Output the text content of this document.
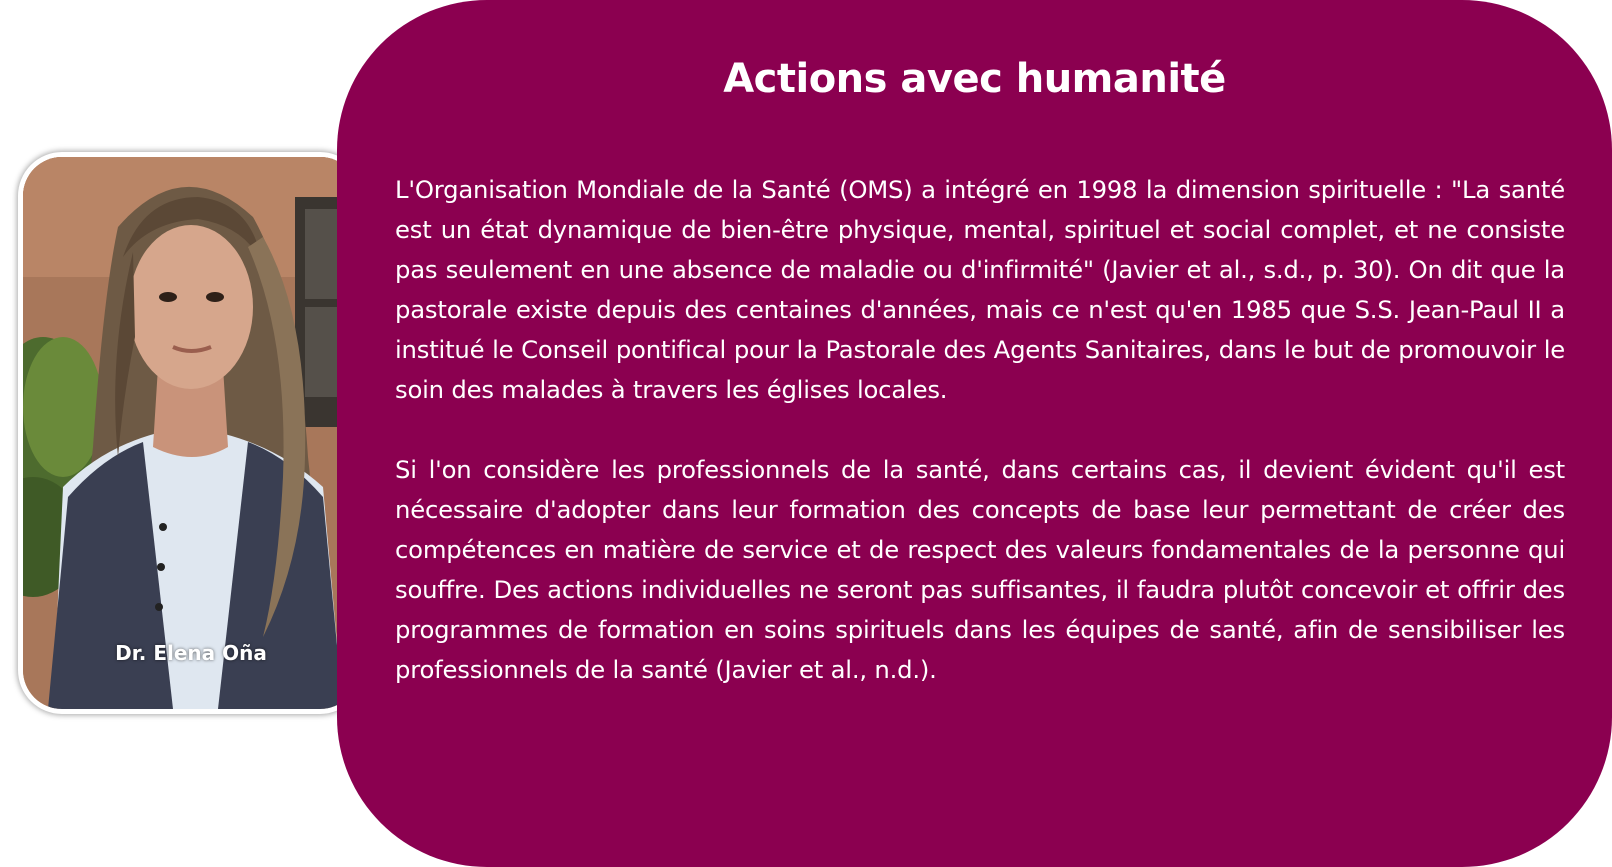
Dr. Elena Oña
Actions avec humanité

L'Organisation Mondiale de la Santé (OMS) a intégré en 1998 la dimension spirituelle : "La santé est un état dynamique de bien-être physique, mental, spirituel et social complet, et ne consiste pas seulement en une absence de maladie ou d'infirmité" (Javier et al., s.d., p. 30). On dit que la pastorale existe depuis des centaines d'années, mais ce n'est qu'en 1985 que S.S. Jean-Paul II a institué le Conseil pontifical pour la Pastorale des Agents Sanitaires, dans le but de promouvoir le soin des malades à travers les églises locales.

Si l'on considère les professionnels de la santé, dans certains cas, il devient évident qu'il est nécessaire d'adopter dans leur formation des concepts de base leur permettant de créer des compétences en matière de service et de respect des valeurs fondamentales de la personne qui souffre. Des actions individuelles ne seront pas suffisantes, il faudra plutôt concevoir et offrir des programmes de formation en soins spirituels dans les équipes de santé, afin de sensibiliser les professionnels de la santé (Javier et al., n.d.).
